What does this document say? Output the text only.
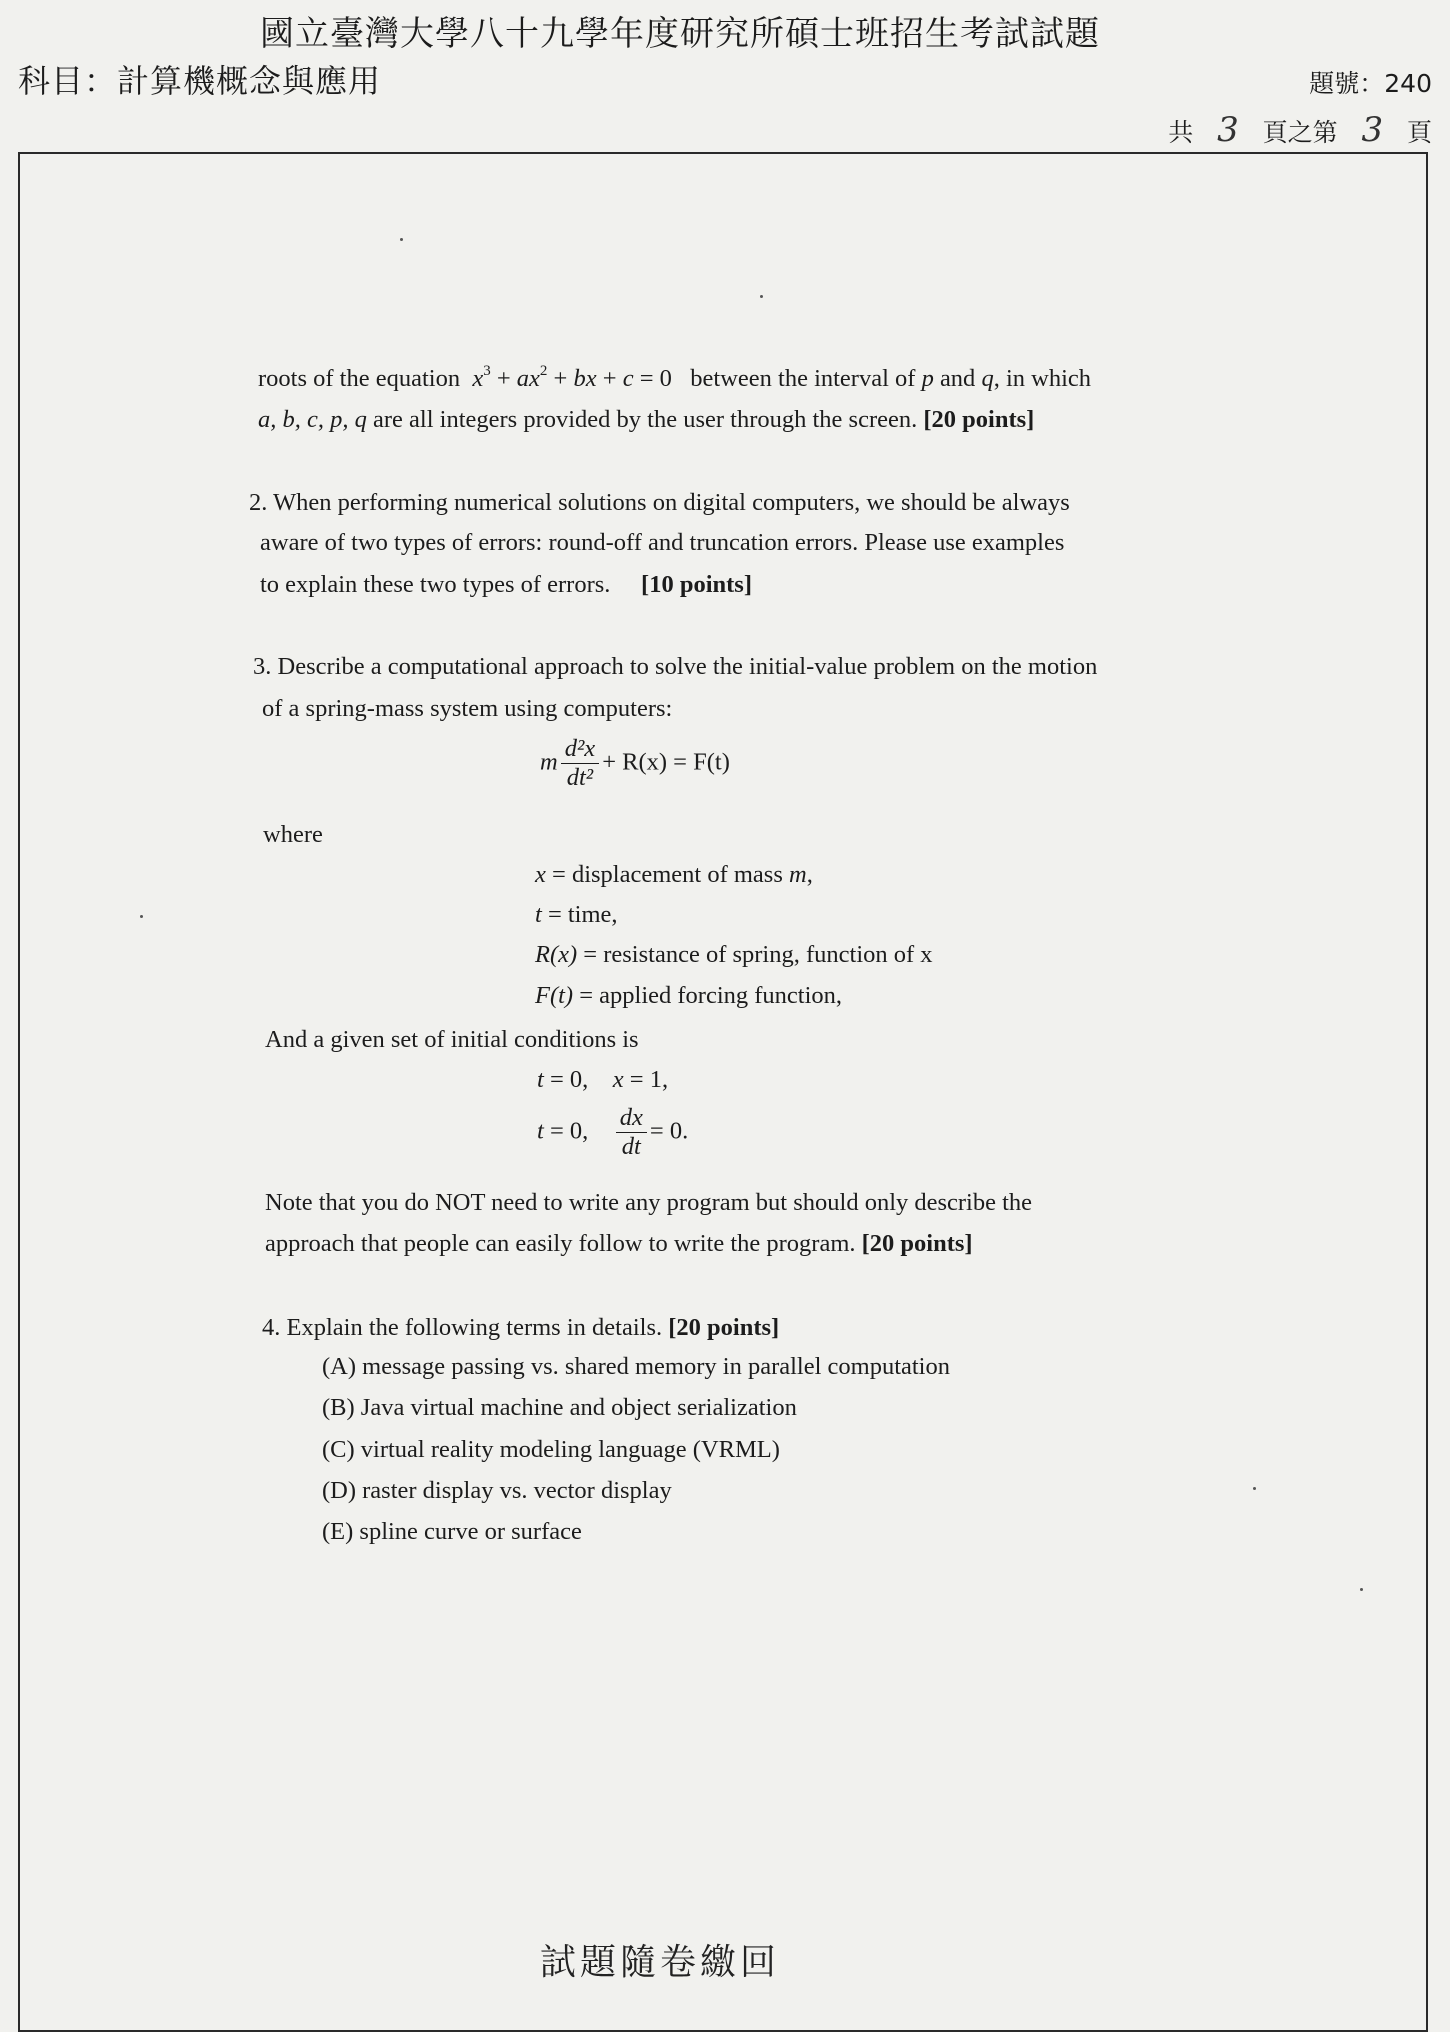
國立臺灣大學八十九學年度研究所碩士班招生考試試題
科目：計算機概念與應用	題號：240
共 3 頁之第 3 頁
roots of the equation $x^3 + ax^2$ + bx + c = 0 between the interval of p and q, in which
a, b, c, p, q are all integers provided by the user through the screen. [20 points]
2. When performing numerical solutions on digital computers, we should be always
aware of two types of errors: round-off and truncation errors. Please use examples
to explain these two types of errors. [10 points]
3. Describe a computational approach to solve the initial-value problem on the motion
of a spring-mass system using computers:
m $\frac{\text{d²x}}{\text{dt²}} + R(x) = F(t)$
where
x = displacement of mass m,
t = time,
R(x) = resistance of spring, function of x
F(t) = applied forcing function,
And a given set of initial conditions is
t = 0,    x = 1,
t = 0, $\frac{dx}{dt} = 0$.
Note that you do NOT need to write any program but should only describe the
approach that people can easily follow to write the program. [20 points]
4. Explain the following terms in details. [20 points]
(A) message passing vs. shared memory in parallel computation
(B) Java virtual machine and object serialization
(C) virtual reality modeling language (VRML)
(D) raster display vs. vector display
(E) spline curve or surface
試題隨卷繳回
